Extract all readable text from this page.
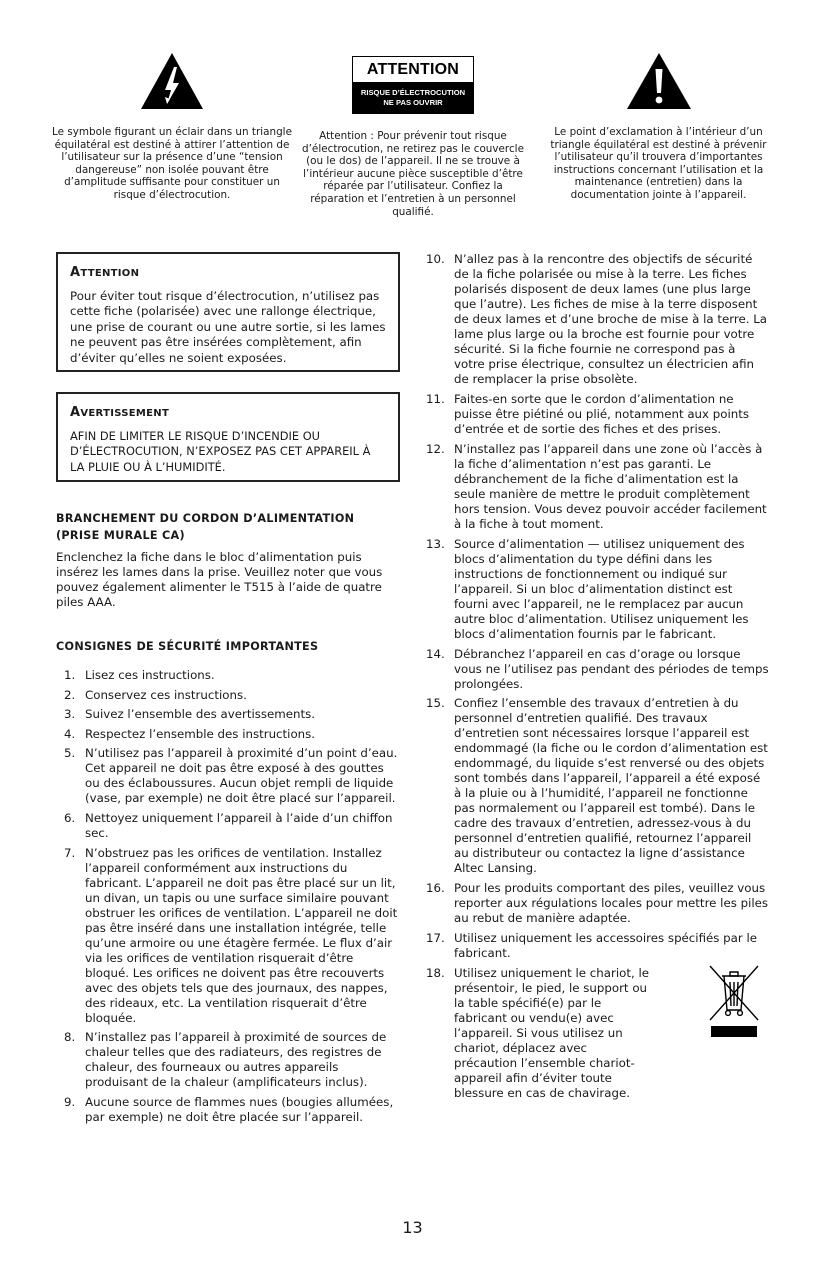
Le symbole figurant un éclair dans un triangle équilatéral est destiné à attirer l’attention de l’utilisateur sur la présence d’une “tension dangereuse” non isolée pouvant être d’amplitude suffisante pour constituer un risque d’électrocution.

ATTENTION
RISQUE D’ÉLECTROCUTION
NE PAS OUVRIR

Attention : Pour prévenir tout risque d’électrocution, ne retirez pas le couvercle (ou le dos) de l’appareil. Il ne se trouve à l’intérieur aucune pièce susceptible d’être réparée par l’utilisateur. Confiez la réparation et l’entretien à un personnel qualifié.

Le point d’exclamation à l’intérieur d’un triangle équilatéral est destiné à prévenir l’utilisateur qu’il trouvera d’importantes instructions concernant l’utilisation et la maintenance (entretien) dans la documentation jointe à l’appareil.

ATTENTION

Pour éviter tout risque d’électrocution, n’utilisez pas cette fiche (polarisée) avec une rallonge électrique, une prise de courant ou une autre sortie, si les lames ne peuvent pas être insérées complètement, afin d’éviter qu’elles ne soient exposées.

AVERTISSEMENT

AFIN DE LIMITER LE RISQUE D’INCENDIE OU D’ÉLECTROCUTION, N’EXPOSEZ PAS CET APPAREIL À LA PLUIE OU À L’HUMIDITÉ.

BRANCHEMENT DU CORDON D’ALIMENTATION
(PRISE MURALE CA)

Enclenchez la fiche dans le bloc d’alimentation puis insérez les lames dans la prise. Veuillez noter que vous pouvez également alimenter le T515 à l’aide de quatre piles AAA.

CONSIGNES DE SÉCURITÉ IMPORTANTES
1. Lisez ces instructions.
2. Conservez ces instructions.
3. Suivez l’ensemble des avertissements.
4. Respectez l’ensemble des instructions.
5. N’utilisez pas l’appareil à proximité d’un point d’eau. Cet appareil ne doit pas être exposé à des gouttes ou des éclaboussures. Aucun objet rempli de liquide (vase, par exemple) ne doit être placé sur l’appareil.
6. Nettoyez uniquement l’appareil à l’aide d’un chiffon sec.
7. N’obstruez pas les orifices de ventilation. Installez l’appareil conformément aux instructions du fabricant. L’appareil ne doit pas être placé sur un lit, un divan, un tapis ou une surface similaire pouvant obstruer les orifices de ventilation. L’appareil ne doit pas être inséré dans une installation intégrée, telle qu’une armoire ou une étagère fermée. Le flux d’air via les orifices de ventilation risquerait d’être bloqué. Les orifices ne doivent pas être recouverts avec des objets tels que des journaux, des nappes, des rideaux, etc. La ventilation risquerait d’être bloquée.
8. N’installez pas l’appareil à proximité de sources de chaleur telles que des radiateurs, des registres de chaleur, des fourneaux ou autres appareils produisant de la chaleur (amplificateurs inclus).
9. Aucune source de flammes nues (bougies allumées, par exemple) ne doit être placée sur l’appareil.
10. N’allez pas à la rencontre des objectifs de sécurité de la fiche polarisée ou mise à la terre. Les fiches polarisés disposent de deux lames (une plus large que l’autre). Les fiches de mise à la terre disposent de deux lames et d’une broche de mise à la terre. La lame plus large ou la broche est fournie pour votre sécurité. Si la fiche fournie ne correspond pas à votre prise électrique, consultez un électricien afin de remplacer la prise obsolète.
11. Faites-en sorte que le cordon d’alimentation ne puisse être piétiné ou plié, notamment aux points d’entrée et de sortie des fiches et des prises.
12. N’installez pas l’appareil dans une zone où l’accès à la fiche d’alimentation n’est pas garanti. Le débranchement de la fiche d’alimentation est la seule manière de mettre le produit complètement hors tension. Vous devez pouvoir accéder facilement à la fiche à tout moment.
13. Source d’alimentation — utilisez uniquement des blocs d’alimentation du type défini dans les instructions de fonctionnement ou indiqué sur l’appareil. Si un bloc d’alimentation distinct est fourni avec l’appareil, ne le remplacez par aucun autre bloc d’alimentation. Utilisez uniquement les blocs d’alimentation fournis par le fabricant.
14. Débranchez l’appareil en cas d’orage ou lorsque vous ne l’utilisez pas pendant des périodes de temps prolongées.
15. Confiez l’ensemble des travaux d’entretien à du personnel d’entretien qualifié. Des travaux d’entretien sont nécessaires lorsque l’appareil est endommagé (la fiche ou le cordon d’alimentation est endommagé, du liquide s’est renversé ou des objets sont tombés dans l’appareil, l’appareil a été exposé à la pluie ou à l’humidité, l’appareil ne fonctionne pas normalement ou l’appareil est tombé). Dans le cadre des travaux d’entretien, adressez-vous à du personnel d’entretien qualifié, retournez l’appareil au distributeur ou contactez la ligne d’assistance Altec Lansing.
16. Pour les produits comportant des piles, veuillez vous reporter aux régulations locales pour mettre les piles au rebut de manière adaptée.
17. Utilisez uniquement les accessoires spécifiés par le fabricant.
18. Utilisez uniquement le chariot, le présentoir, le pied, le support ou la table spécifié(e) par le fabricant ou vendu(e) avec l’appareil. Si vous utilisez un chariot, déplacez avec précaution l’ensemble chariot-appareil afin d’éviter toute blessure en cas de chavirage.
13
